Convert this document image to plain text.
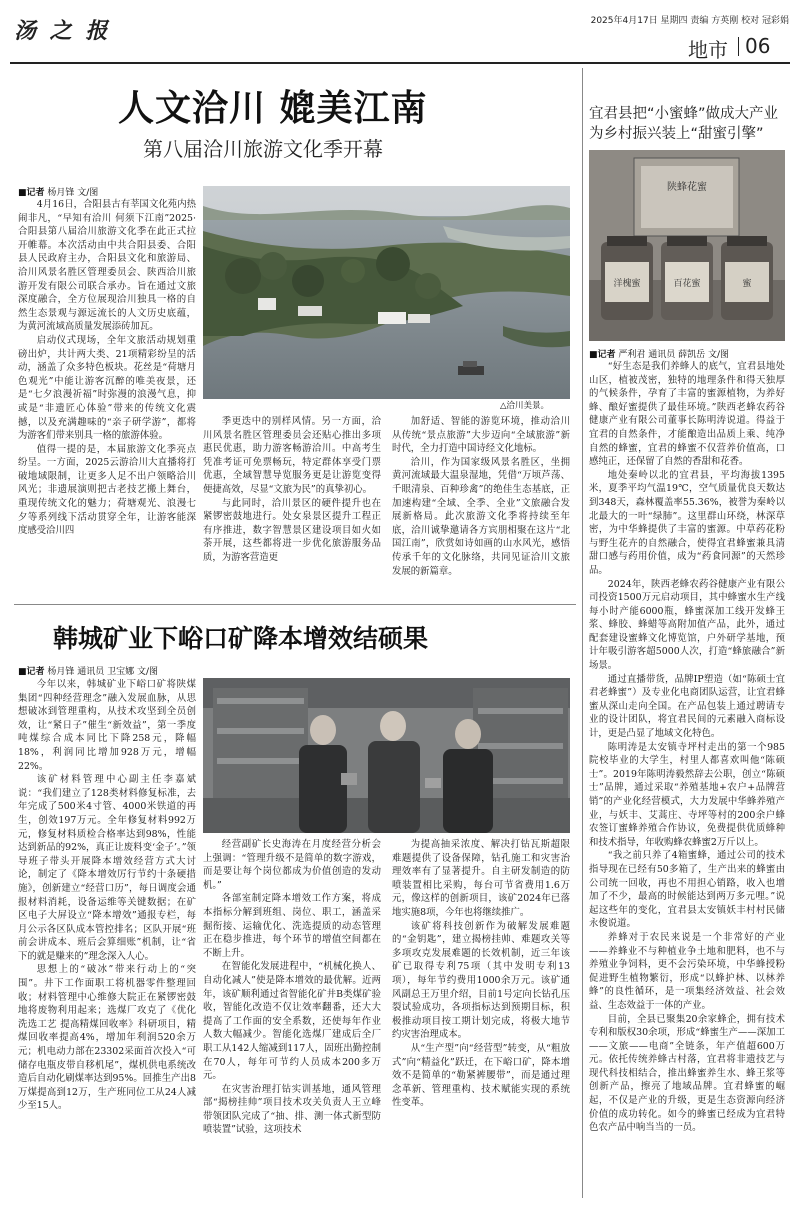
汤 之 报	2025年4月17日 星期四 责编 方英刚 校对 冠彩娟
地市 06
人文洽川 媲美江南
第八届洽川旅游文化季开幕
■记者 杨月锋 文/图

4月16日，合阳县古有莘国文化苑内热闹非凡，“早知有洽川 何须下江南”2025·合阳县第八届洽川旅游文化季在此正式拉开帷幕。本次活动由中共合阳县委、合阳县人民政府主办，合阳县文化和旅游局、洽川风景名胜区管理委员会、陕西洽川旅游开发有限公司联合承办。旨在通过文旅深度融合，全方位展现洽川独具一格的自然生态景观与源远流长的人文历史底蕴，为黄河流域高质量发展添砖加瓦。

启动仪式现场，全年文旅活动规划重磅出炉，共计两大类、21项精彩纷呈的活动，涵盖了众多特色板块。花丝是“荷塘月色观光”中能让游客沉醉的唯美夜景，还是“七夕浪漫祈福”时弥漫的浪漫气息，抑或是“非遗匠心体验”带来的传统文化震撼，以及充满趣味的“亲子研学游”，都将为游客们带来别具一格的旅游体验。

值得一提的是，本届旅游文化季亮点纷呈。一方面，2025云游洽川大直播将打破地域限制，让更多人足不出户领略洽川风光；非遗展演则把古老技艺搬上舞台，重现传统文化的魅力；荷塘观光、浪漫七夕等系列线下活动贯穿全年，让游客能深度感受洽川四

△洽川美景。

季更迭中的别样风情。另一方面，洽川风景名胜区管理委员会还贴心推出多项惠民优惠，助力游客畅游洽川。中高考生凭准考证可免票畅玩，特定群体享受门票优惠，全域智慧导览服务更是让游览变得便捷高效，尽显“文旅为民”的真挚初心。

与此同时，洽川景区的硬件提升也在紧锣密鼓地进行。处女泉景区提升工程正有序推进，数字智慧景区建设项目如火如荼开展，这些都将进一步优化旅游服务品质，为游客营造更

加舒适、智能的游览环境，推动洽川从传统“景点旅游”大步迈向“全域旅游”新时代，全力打造中国诗经文化地标。

洽川，作为国家级风景名胜区，坐拥黄河流域最大温泉湿地，凭借“万顷芦荡、千眼清泉、百种珍禽”的绝佳生态基底，正加速构建“全域、全季、全业”文旅融合发展新格局。此次旅游文化季将持续至年底，洽川诚挚邀请各方宾朋相聚在这片“北国江南”，欣赏如诗如画的山水风光，感悟传承千年的文化脉络，共同见证洽川文旅发展的新篇章。

韩城矿业下峪口矿降本增效结硕果
■记者 杨月锋 通讯员 卫宝娜 文/图

今年以来，韩城矿业下峪口矿将陕煤集团“四种经营理念”融入发展血脉，从思想破冰到管理重构，从技术攻坚到全员创效，让“紧日子”催生“新效益”，第一季度吨煤综合成本同比下降258元，降幅18%，利润同比增加928万元，增幅22%。

该矿材料管理中心副主任李嘉斌说：“我们建立了128类材料修复标准，去年完成了500米4寸管、4000米铁道的再生，创效197万元。全年修复材料992万元，修复材料质检合格率达到98%，性能达到新品的92%，真正让废料变‘金子’。”领导班子带头开展降本增效经营方式大讨论，制定了《降本增效厉行节约十条硬措施》，创新建立“经营口历”，每日调度会通报材料消耗，设备运维等关键数据；在矿区电子大屏设立“降本增效”通报专栏，每月公示各区队成本管控排名；区队开展“班前会讲成本、班后会算细账”机制，让“省下的就是赚来的”理念深入人心。

思想上的“破冰”带来行动上的“突围”。井下工作面职工将机器零件整理回收；材料管理中心维修大院正在紧锣密鼓地将废物利用起来；选煤厂攻克了《优化洗选工艺 提高精煤回收率》科研项目，精煤回收率提高4%，增加年利润520余万元；机电动力部在23302采面首次投入“可储存电瓶皮带自移机尾”，煤机供电系统改造后自动化刷煤率达到95%。回推生产出8万煤提高到12万，生产班同位工从24人减少至15人。

经营副矿长史海涛在月度经营分析会上强调：“管理升级不是简单的数字游戏，而是要让每个岗位都成为价值创造的发动机。”

各部室制定降本增效工作方案，将成本指标分解到班组、岗位、职工，涵盖采掘衔接、运输优化、洗选提质的动态管理正在稳步推进，每个环节的增值空间都在不断上升。

在智能化发展进程中，“机械化换人、自动化减人”使是降本增效的最优解。近两年，该矿顺利通过省智能化矿井B类煤矿验收，智能化改造不仅让效率翻番，还大大提高了工作面的安全系数，还使每年作业人数大幅减少。智能化选煤厂建成后全厂职工从142人缩减到117人，固班出勤控制在70人，每年可节约人员成本200多万元。

在灾害治理打钻实训基地，通风管理部“揭榜挂帅”项目技术攻关负责人王立峰带领团队完成了“抽、排、测一体式新型防喷装置”试验，这项技术

为提高抽采浓度、解决打钻瓦斯超限难题提供了设备保障，钻孔施工和灾害治理效率有了显著提升。自主研发制造的防喷装置相比采购，每台可节省费用1.6万元，像这样的创新项目，该矿2024年已落地实施8项，今年也将继续推广。

该矿将科技创新作为破解发展难题的“金钥匙”，建立揭榜挂帅、难题攻关等多项攻克发展难题的长效机制，近三年该矿已取得专利75项（其中发明专利13项），每年节约费用1000余万元。该矿通风副总王万里介绍，目前1号定向长钻孔压裂试验成功，各项指标达到预期目标，积极推动项目按工期计划完成，将极大地节约灾害治理成本。

从“生产型”向“经营型”转变，从“粗放式”向“精益化”跃迁，在下峪口矿，降本增效不是简单的“勒紧裤腰带”，而是通过理念革新、管理重构、技术赋能实现的系统性变革。

宜君县把“小蜜蜂”做成大产业
为乡村振兴装上“甜蜜引擎”
陕蜂花蜜
洋槐蜜	百花蜜	蜜
■记者 严利君 通讯员 薛凯岳 文/图

“好生态是我们养蜂人的底气，宜君县地处山区，植被茂密，独特的地理条件和得天独厚的气候条件，孕育了丰富的蜜源植物，为养好蜂、酿好蜜提供了最佳环境。”陕西老蜂农药谷健康产业有限公司董事长陈明涛说道。得益于宜君的自然条件，才能酿造出品质上乘、纯净自然的蜂蜜，宜君的蜂蜜不仅营养价值高，口感纯正，还保留了自然的香甜和花香。

地处秦岭以北的宜君县，平均海拔1395米，夏季平均气温19℃，空气质量优良天数达到348天，森林覆盖率55.36%，被誉为秦岭以北最大的一叶“绿肺”。这里群山环绕，林深草密，为中华蜂提供了丰富的蜜源。中草药花粉与野生花卉的自然融合，使得宜君蜂蜜兼具清甜口感与药用价值，成为“药食同源”的天然珍品。

2024年，陕西老蜂农药谷健康产业有限公司投资1500万元启动项目，其中蜂蜜水生产线每小时产能6000瓶，蜂蜜深加工线开发蜂王浆、蜂胶、蜂蜡等高附加值产品，此外，通过配套建设蜜蜂文化博览馆，户外研学基地，预计年吸引游客超5000人次，打造“蜂旅融合”新场景。

通过直播带货，品牌IP塑造（如“陈硕士宜君老蜂蜜”）及专业化电商团队运营，让宜君蜂蜜从深山走向全国。在产品包装上通过聘请专业的设计团队，将宜君民间的元素融入商标设计，更是凸显了地域文化特色。

陈明涛是太安镇寺坪村走出的第一个985院校毕业的大学生，村里人都喜欢叫他“陈硕士”。2019年陈明涛毅然辞去公职，创立“陈硕士”品牌，通过采取“养殖基地+农户+品牌营销”的产业化经营模式，大力发展中华蜂养殖产业，与妖丰、艾蒿庄、寺坪等村的200余户蜂农签订蜜蜂养殖合作协议，免费提供优质蜂种和技术指导，年收购蜂农蜂蜜2万斤以上。

“我之前只养了4箱蜜蜂，通过公司的技术指导现在已经有50多箱了，生产出来的蜂蜜由公司统一回收，再也不用担心销路，收入也增加了不少，最高的时候能达到两万多元哩。”说起这些年的变化，宜君县太安镇妖丰村村民储永俊说道。

养蜂对于农民来说是一个非常好的产业——养蜂业不与种植业争土地和肥料，也不与养殖业争饲料，更不会污染环境，中华蜂授粉促进野生植物繁衍，形成“以蜂护林、以林养蜂”的良性循环，是一项集经济效益、社会效益、生态效益于一体的产业。

目前，全县已聚集20余家蜂企，拥有技术专利和版权30余项，形成“蜂蜜生产——深加工——文旅——电商”全链条，年产值超600万元。依托传统养蜂古村落，宜君将非遗技艺与现代科技相结合，推出蜂蜜养生水、蜂王浆等创新产品，擦亮了地域品牌。宜君蜂蜜的崛起，不仅是产业的升级，更是生态资源向经济价值的成功转化。如今的蜂蜜已经成为宜君特色农产品中响当当的一员。
